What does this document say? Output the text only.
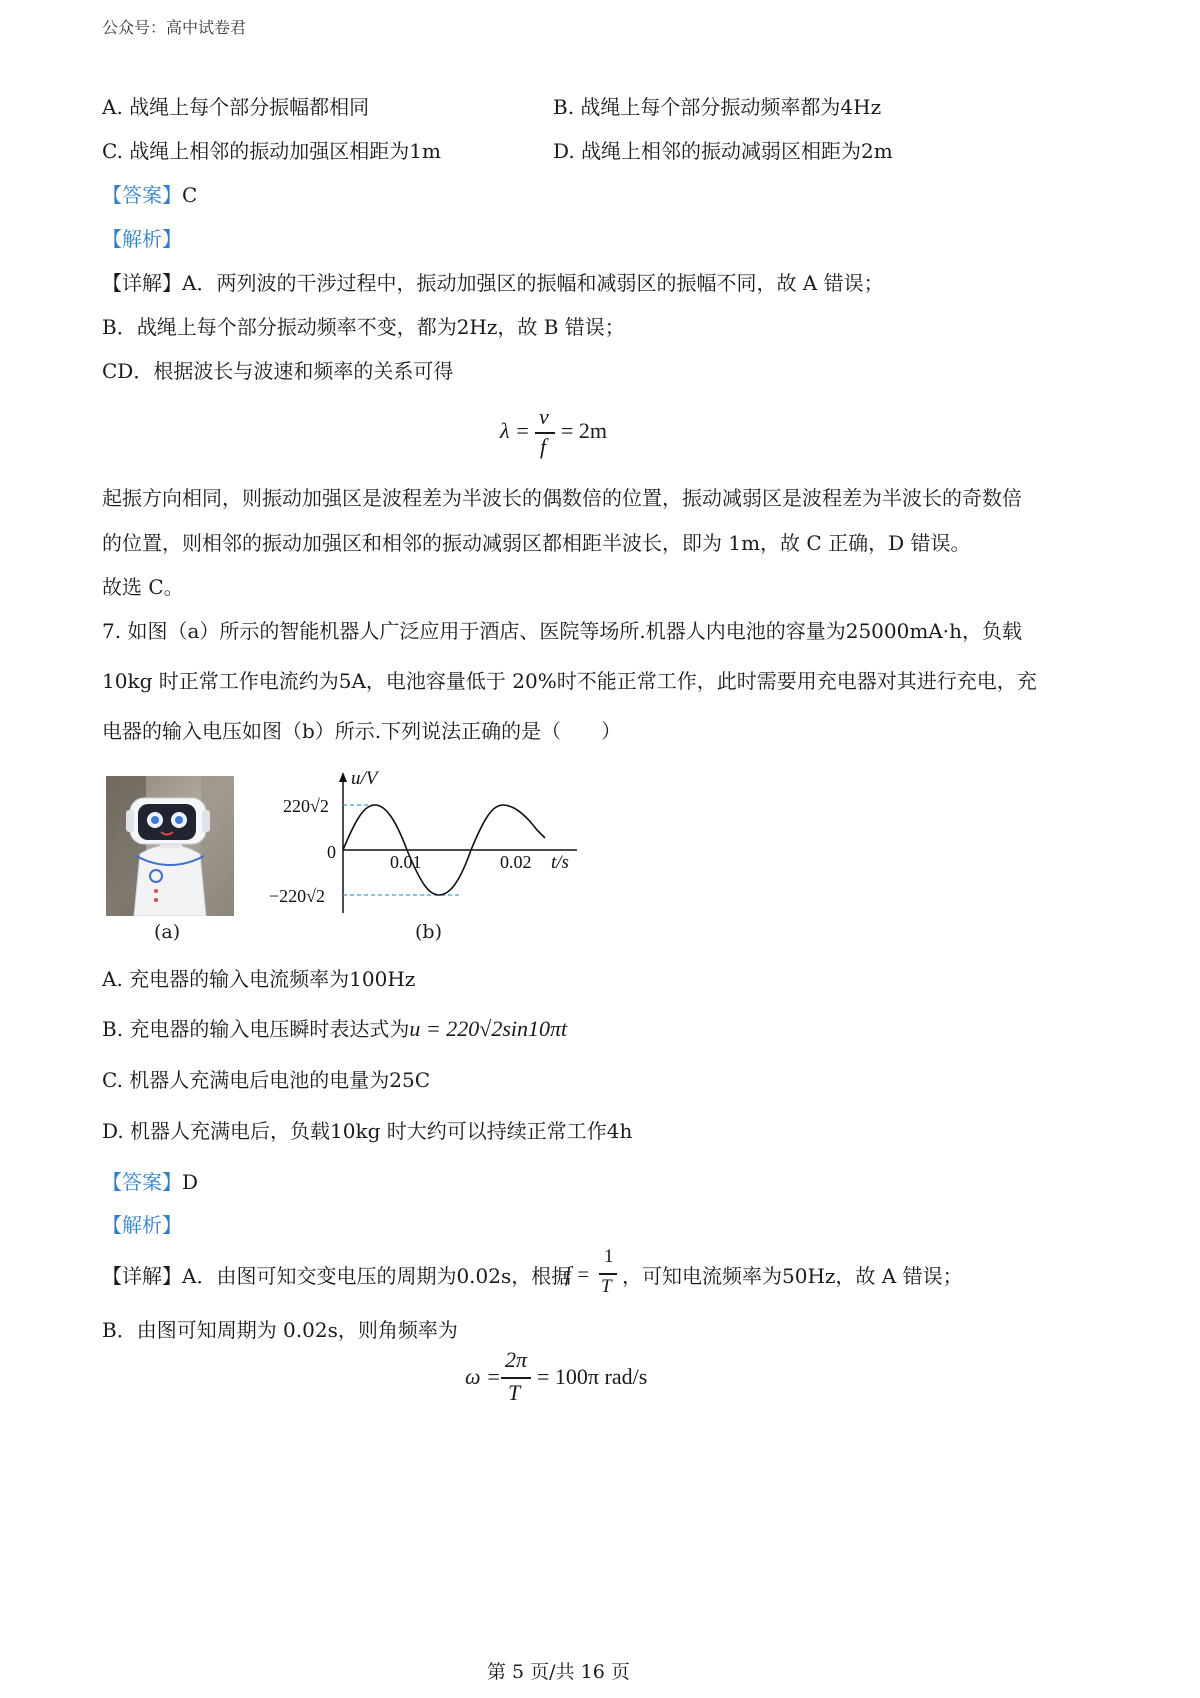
公众号：高中试卷君
A. 战绳上每个部分振幅都相同	B. 战绳上每个部分振动频率都为4Hz
C. 战绳上相邻的振动加强区相距为1m	D. 战绳上相邻的振动减弱区相距为2m
【答案】C
【解析】
【详解】A．两列波的干涉过程中，振动加强区的振幅和减弱区的振幅不同，故 A 错误；
B．战绳上每个部分振动频率不变，都为2Hz，故 B 错误；
CD．根据波长与波速和频率的关系可得
λ =
v
f
= 2m
起振方向相同，则振动加强区是波程差为半波长的偶数倍的位置，振动减弱区是波程差为半波长的奇数倍
的位置，则相邻的振动加强区和相邻的振动减弱区都相距半波长，即为 1m，故 C 正确，D 错误。
故选 C。
7. 如图（a）所示的智能机器人广泛应用于酒店、医院等场所.机器人内电池的容量为25000mA·h，负载
10kg 时正常工作电流约为5A，电池容量低于 20%时不能正常工作，此时需要用充电器对其进行充电，充
电器的输入电压如图（b）所示.下列说法正确的是（　　）
(a)
u/V
220√2
−220√2
0	0.01	0.02 t/s
(b)
A. 充电器的输入电流频率为100Hz
B. 充电器的输入电压瞬时表达式为u = 220√2sin10πt
C. 机器人充满电后电池的电量为25C
D. 机器人充满电后，负载10kg 时大约可以持续正常工作4h
【答案】D
【解析】
【详解】A．由图可知交变电压的周期为0.02s，根据
f =
1
T ，可知电流频率为50Hz，故 A 错误；
B．由图可知周期为 0.02s，则角频率为
ω =
2π
T
= 100π rad/s
第 5 页/共 16 页
